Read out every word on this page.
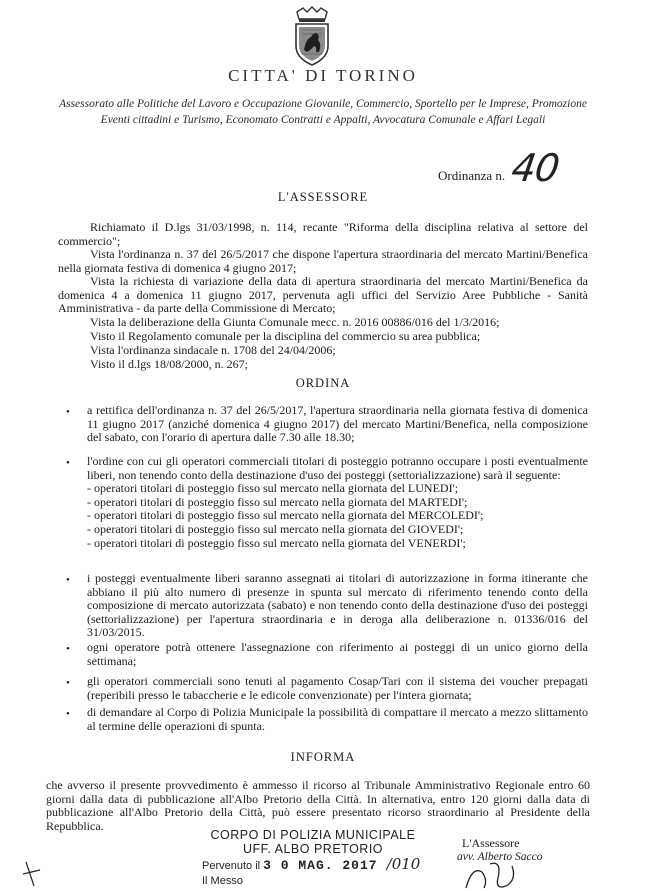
CITTA' DI TORINO
Assessorato alle Politiche del Lavoro e Occupazione Giovanile, Commercio, Sportello per le Imprese, Promozione Eventi cittadini e Turismo, Economato Contratti e Appalti, Avvocatura Comunale e Affari Legali
Ordinanza n. 40
L'ASSESSORE
Richiamato il D.lgs 31/03/1998, n. 114, recante "Riforma della disciplina relativa al settore del commercio";
Vista l'ordinanza n. 37 del 26/5/2017 che dispone l'apertura straordinaria del mercato Martini/Benefica nella giornata festiva di domenica 4 giugno 2017;
Vista la richiesta di variazione della data di apertura straordinaria del mercato Martini/Benefica da domenica 4 a domenica 11 giugno 2017, pervenuta agli uffici del Servizio Aree Pubbliche - Sanità Amministrativa - da parte della Commissione di Mercato;
Vista la deliberazione della Giunta Comunale mecc. n. 2016 00886/016 del 1/3/2016;
Visto il Regolamento comunale per la disciplina del commercio su area pubblica;
Vista l'ordinanza sindacale n. 1708 del 24/04/2006;
Visto il d.lgs 18/08/2000, n. 267;
ORDINA
•	a rettifica dell'ordinanza n. 37 del 26/5/2017, l'apertura straordinaria nella giornata festiva di domenica 11 giugno 2017 (anziché domenica 4 giugno 2017) del mercato Martini/Benefica, nella composizione del sabato, con l'orario di apertura dalle 7.30 alle 18.30;
•	l'ordine con cui gli operatori commerciali titolari di posteggio potranno occupare i posti eventualmente liberi, non tenendo conto della destinazione d'uso dei posteggi (settorializzazione) sarà il seguente:
- operatori titolari di posteggio fisso sul mercato nella giornata del LUNEDI';
- operatori titolari di posteggio fisso sul mercato nella giornata del MARTEDI';
- operatori titolari di posteggio fisso sul mercato nella giornata del MERCOLEDI';
- operatori titolari di posteggio fisso sul mercato nella giornata del GIOVEDI';
- operatori titolari di posteggio fisso sul mercato nella giornata del VENERDI';
•	i posteggi eventualmente liberi saranno assegnati ai titolari di autorizzazione in forma itinerante che abbiano il più alto numero di presenze in spunta sul mercato di riferimento tenendo conto della composizione di mercato autorizzata (sabato) e non tenendo conto della destinazione d'uso dei posteggi (settorializzazione) per l'apertura straordinaria e in deroga alla deliberazione n. 01336/016 del 31/03/2015.
•	ogni operatore potrà ottenere l'assegnazione con riferimento ai posteggi di un unico giorno della settimana;
•	gli operatori commerciali sono tenuti al pagamento Cosap/Tari con il sistema dei voucher prepagati (reperibili presso le tabaccherie e le edicole convenzionate) per l'intera giornata;
•	di demandare al Corpo di Polizia Municipale la possibilità di compattare il mercato a mezzo slittamento al termine delle operazioni di spunta.
INFORMA
che avverso il presente provvedimento è ammesso il ricorso al Tribunale Amministrativo Regionale entro 60 giorni dalla data di pubblicazione all'Albo Pretorio della Città. In alternativa, entro 120 giorni dalla data di pubblicazione all'Albo Pretorio della Città, può essere presentato ricorso straordinario al Presidente della Repubblica.
CORPO DI POLIZIA MUNICIPALE
UFF. ALBO PRETORIO
Pervenuto il 3 0 MAG. 2017 /010
Il Messo
L'Assessore
avv. Alberto Sacco
